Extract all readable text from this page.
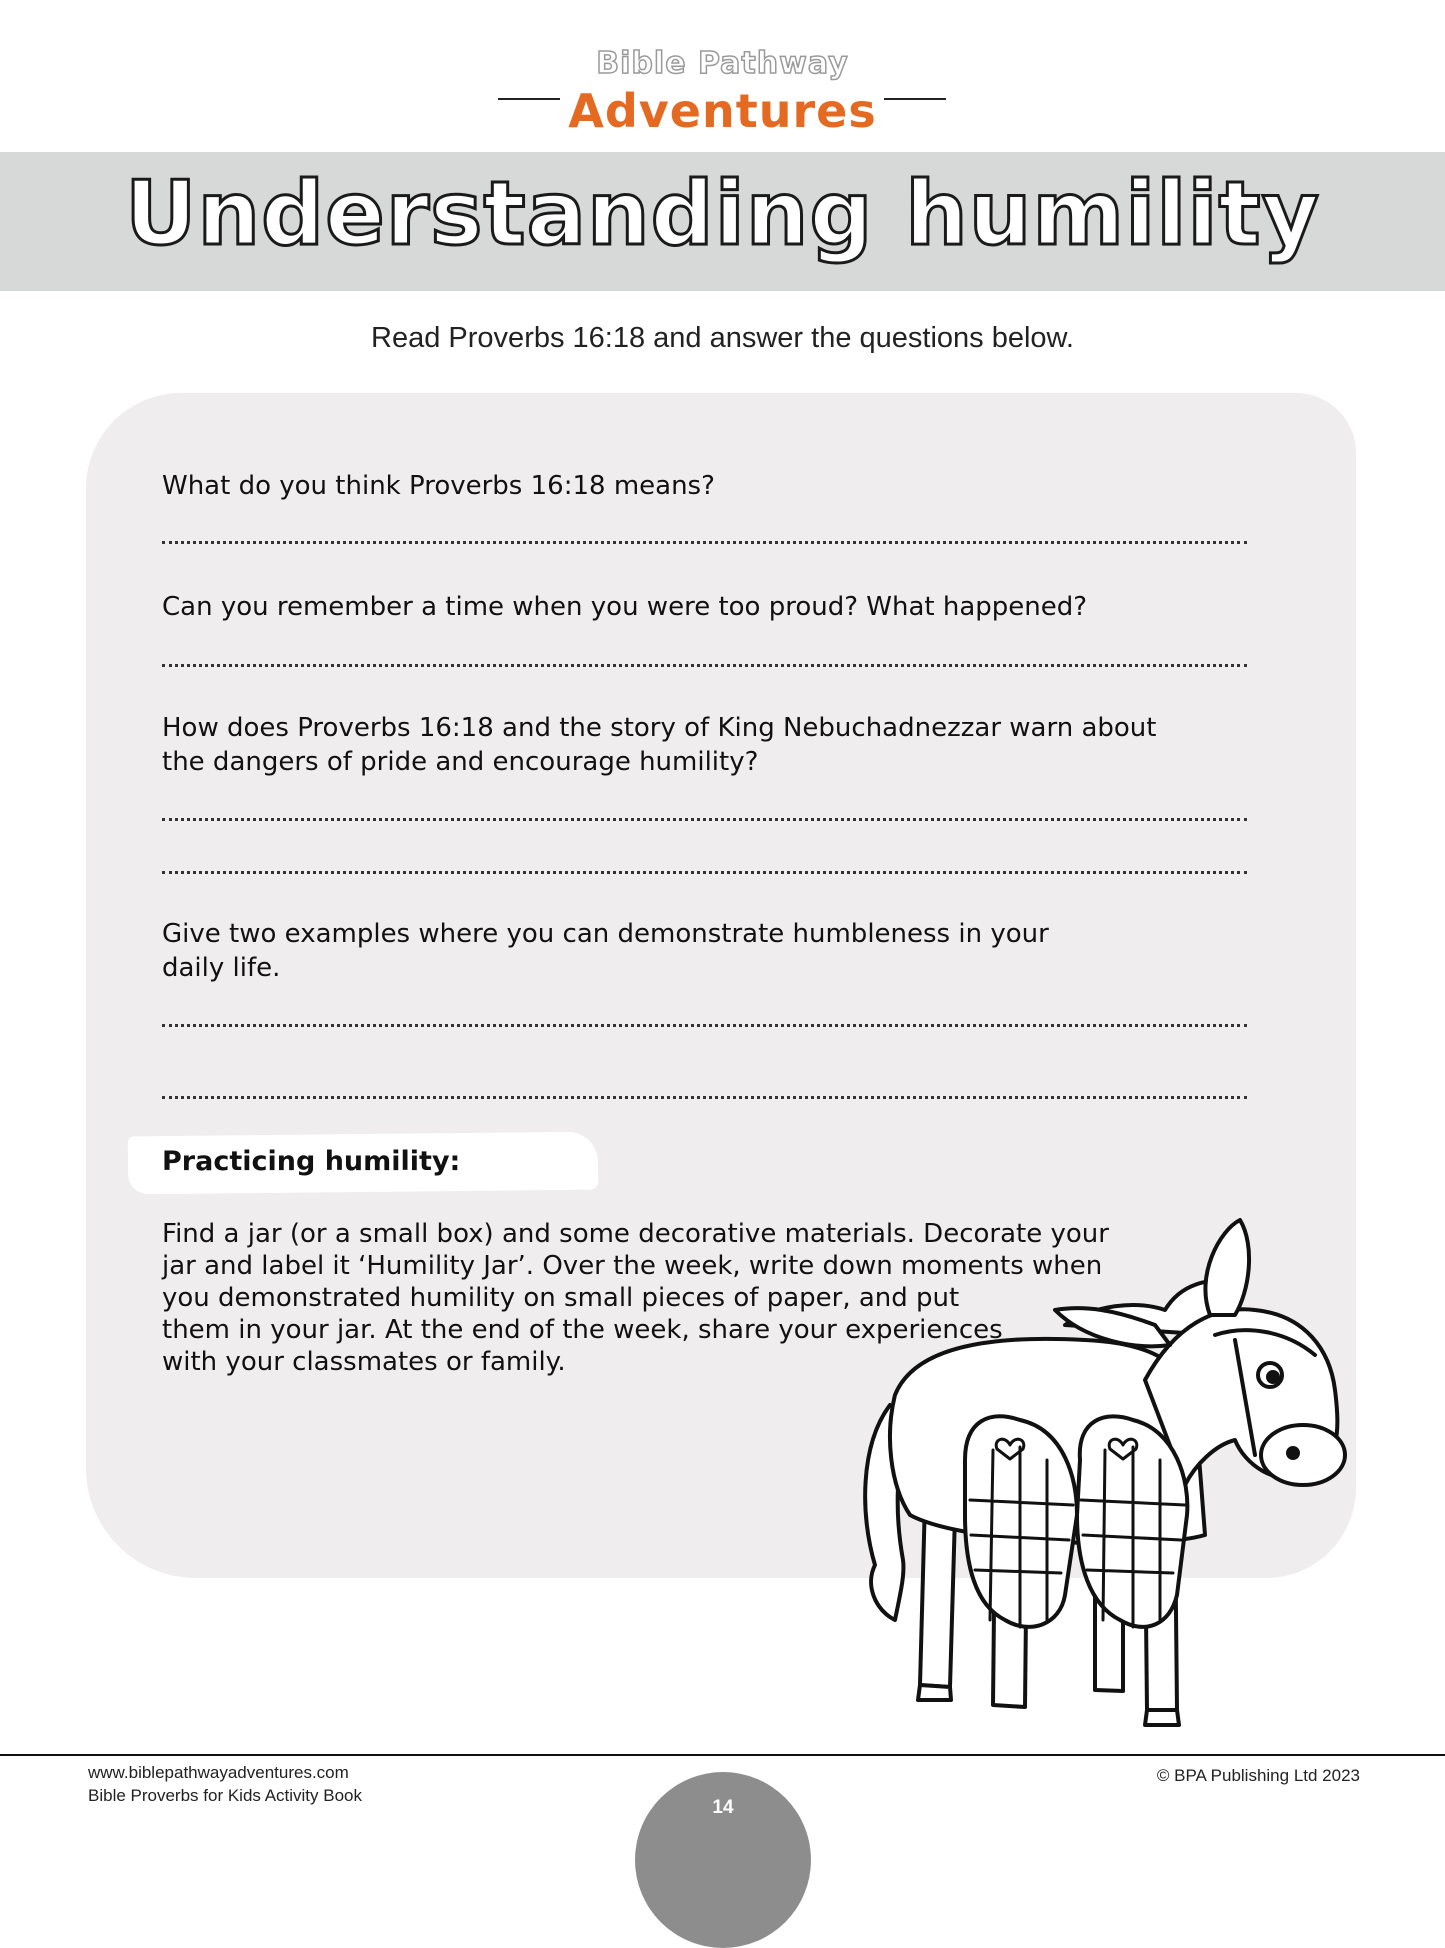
Bible Pathway
Adventures
Understanding humility
Read Proverbs 16:18 and answer the questions below.
What do you think Proverbs 16:18 means?
Can you remember a time when you were too proud? What happened?
How does Proverbs 16:18 and the story of King Nebuchadnezzar warn about
the dangers of pride and encourage humility?
Give two examples where you can demonstrate humbleness in your
daily life.
Practicing humility:
Find a jar (or a small box) and some decorative materials. Decorate your
jar and label it ‘Humility Jar’. Over the week, write down moments when
you demonstrated humility on small pieces of paper, and put
them in your jar. At the end of the week, share your experiences
with your classmates or family.
www.biblepathwayadventures.com
Bible Proverbs for Kids Activity Book
© BPA Publishing Ltd 2023
14
